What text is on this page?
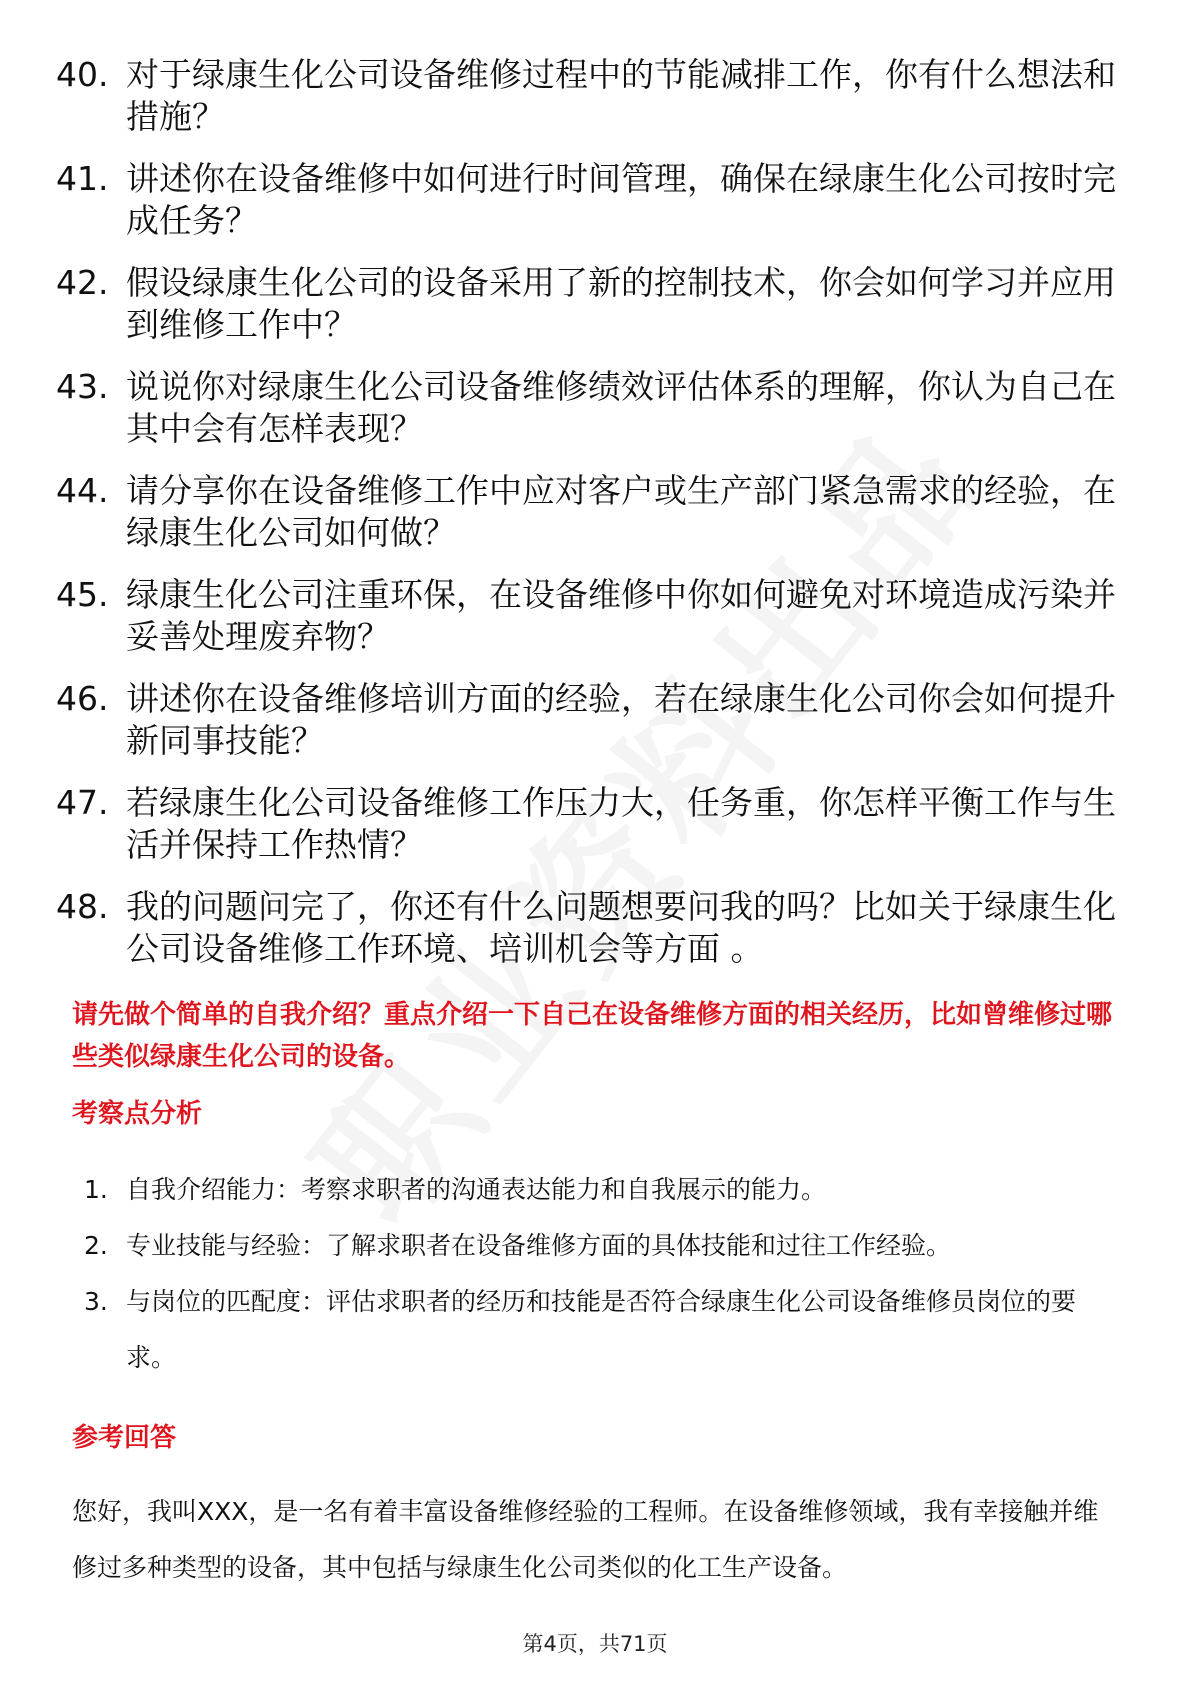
40. 对于绿康生化公司设备维修过程中的节能减排工作，你有什么想法和措施？
41. 讲述你在设备维修中如何进行时间管理，确保在绿康生化公司按时完成任务？
42. 假设绿康生化公司的设备采用了新的控制技术，你会如何学习并应用到维修工作中？
43. 说说你对绿康生化公司设备维修绩效评估体系的理解，你认为自己在其中会有怎样表现？
44. 请分享你在设备维修工作中应对客户或生产部门紧急需求的经验，在绿康生化公司如何做？
45. 绿康生化公司注重环保，在设备维修中你如何避免对环境造成污染并妥善处理废弃物？
46. 讲述你在设备维修培训方面的经验，若在绿康生化公司你会如何提升新同事技能？
47. 若绿康生化公司设备维修工作压力大，任务重，你怎样平衡工作与生活并保持工作热情？
48. 我的问题问完了，你还有什么问题想要问我的吗？比如关于绿康生化公司设备维修工作环境、培训机会等方面 。
请先做个简单的自我介绍？重点介绍一下自己在设备维修方面的相关经历，比如曾维修过哪些类似绿康生化公司的设备。
考察点分析
1. 自我介绍能力：考察求职者的沟通表达能力和自我展示的能力。
2. 专业技能与经验：了解求职者在设备维修方面的具体技能和过往工作经验。
3. 与岗位的匹配度：评估求职者的经历和技能是否符合绿康生化公司设备维修员岗位的要求。
参考回答
您好，我叫XXX，是一名有着丰富设备维修经验的工程师。在设备维修领域，我有幸接触并维修过多种类型的设备，其中包括与绿康生化公司类似的化工生产设备。
第4页，共71页
